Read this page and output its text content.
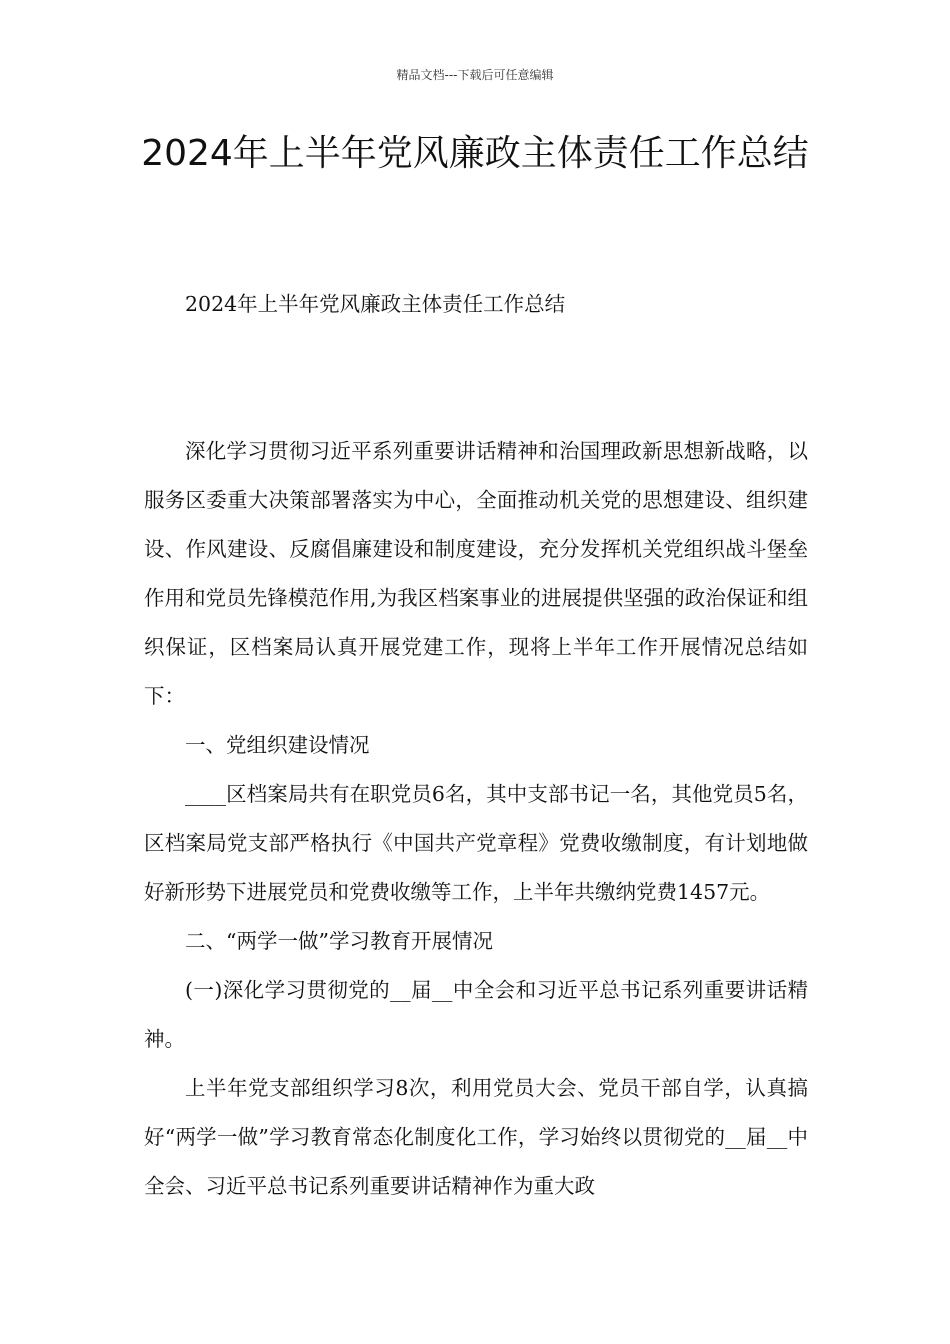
精品文档---下载后可任意编辑
2024年上半年党风廉政主体责任工作总结

2024年上半年党风廉政主体责任工作总结

深化学习贯彻习近平系列重要讲话精神和治国理政新思想新战略，以服务区委重大决策部署落实为中心，全面推动机关党的思想建设、组织建设、作风建设、反腐倡廉建设和制度建设，充分发挥机关党组织战斗堡垒作用和党员先锋模范作用,为我区档案事业的进展提供坚强的政治保证和组织保证，区档案局认真开展党建工作，现将上半年工作开展情况总结如下：

一、党组织建设情况

____区档案局共有在职党员6名，其中支部书记一名，其他党员5名，区档案局党支部严格执行《中国共产党章程》党费收缴制度，有计划地做好新形势下进展党员和党费收缴等工作，上半年共缴纳党费1457元。

二、“两学一做”学习教育开展情况

(一)深化学习贯彻党的__届__中全会和习近平总书记系列重要讲话精神。

上半年党支部组织学习8次，利用党员大会、党员干部自学，认真搞好“两学一做”学习教育常态化制度化工作，学习始终以贯彻党的__届__中全会、习近平总书记系列重要讲话精神作为重大政
